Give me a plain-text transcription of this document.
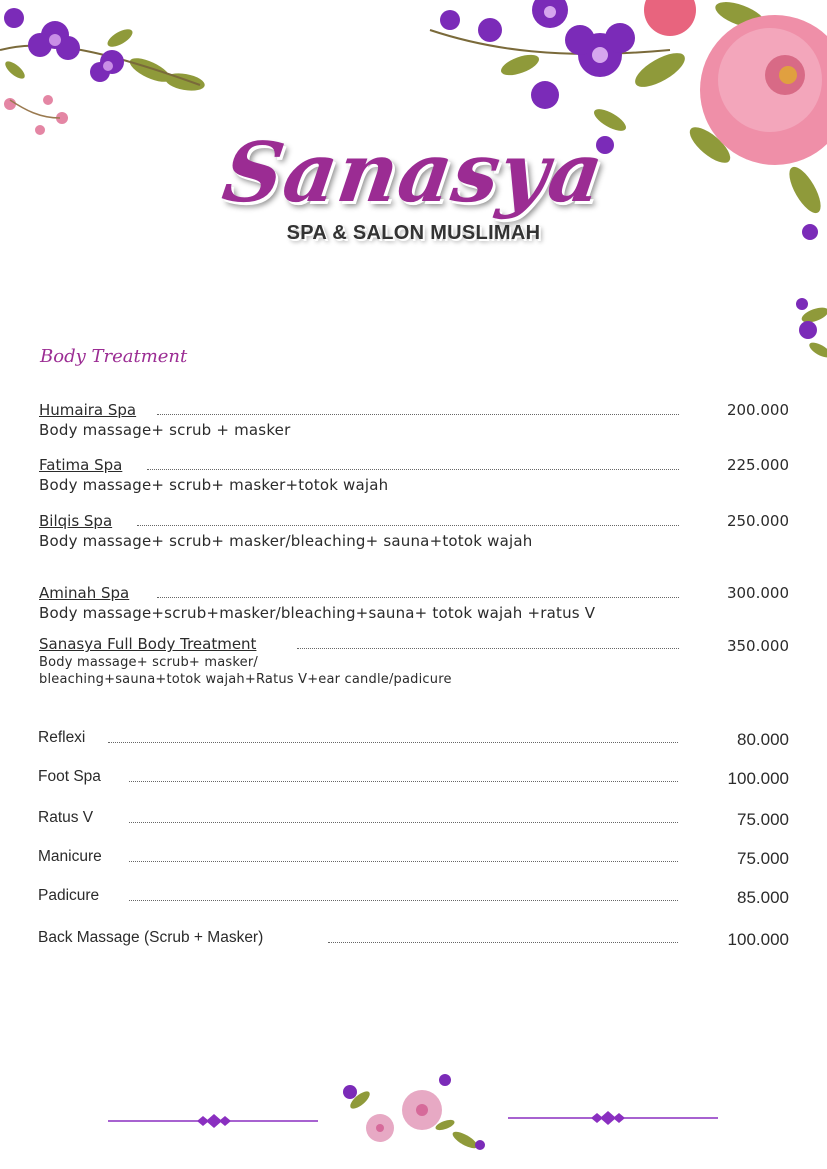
Sanasya
SPA & SALON MUSLIMAH
Body Treatment
Humaira Spa	200.000
Body massage+ scrub + masker
Fatima Spa	225.000
Body massage+ scrub+ masker+totok wajah
Bilqis Spa	250.000
Body massage+ scrub+ masker/bleaching+ sauna+totok wajah
Aminah Spa	300.000
Body massage+scrub+masker/bleaching+sauna+ totok wajah +ratus V
Sanasya Full Body Treatment	350.000
Body massage+ scrub+ masker/
bleaching+sauna+totok wajah+Ratus V+ear candle/padicure
Reflexi	80.000
Foot Spa	100.000
Ratus V	75.000
Manicure	75.000
Padicure	85.000
Back Massage (Scrub + Masker)	100.000
